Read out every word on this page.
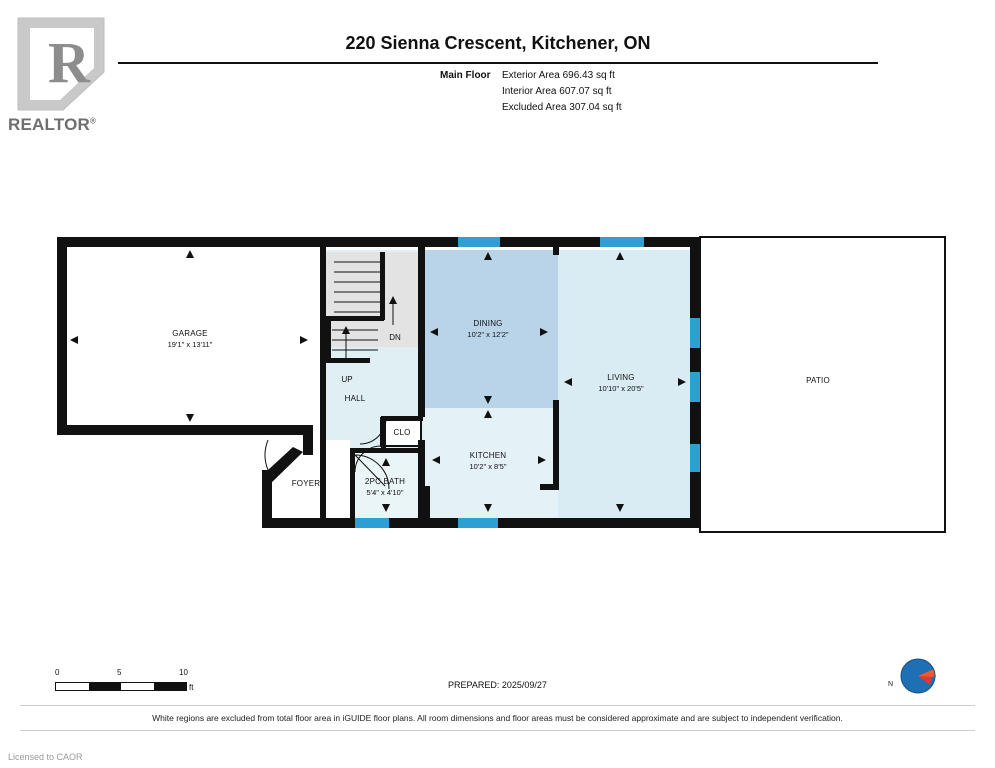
R
REALTOR®
220 Sienna Crescent, Kitchener, ON
Main Floor Exterior Area 696.43 sq ft
Interior Area 607.07 sq ft
Excluded Area 307.04 sq ft
GARAGE
19'1" x 13'11"
DINING
10'2" x 12'2"
LIVING
10'10" x 20'5"
KITCHEN
10'2" x 8'5"
2PC BATH
5'4" x 4'10"
PATIO
FOYER
HALL
CLO
UP
DN
0	5	10
ft	PREPARED: 2025/09/27	N
White regions are excluded from total floor area in iGUIDE floor plans. All room dimensions and floor areas must be considered approximate and are subject to independent verification.
Licensed to CAOR
